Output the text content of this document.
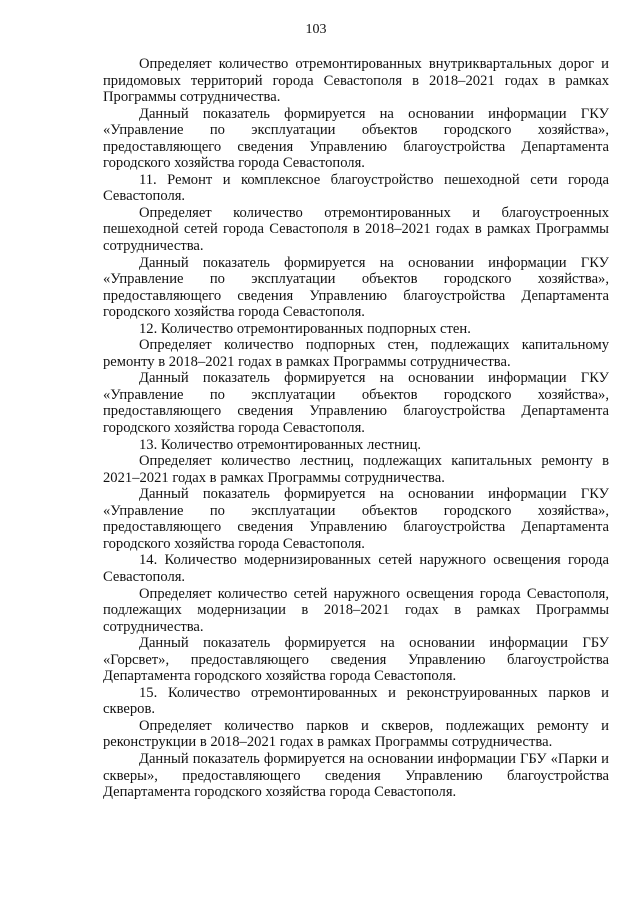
103

Определяет количество отремонтированных внутриквартальных дорог и придомовых территорий города Севастополя в 2018–2021 годах в рамках Программы сотрудничества.

Данный показатель формируется на основании информации ГКУ «Управление по эксплуатации объектов городского хозяйства», предоставляющего сведения Управлению благоустройства Департамента городского хозяйства города Севастополя.

11. Ремонт и комплексное благоустройство пешеходной сети города Севастополя.

Определяет количество отремонтированных и благоустроенных пешеходной сетей города Севастополя в 2018–2021 годах в рамках Программы сотрудничества.

Данный показатель формируется на основании информации ГКУ «Управление по эксплуатации объектов городского хозяйства», предоставляющего сведения Управлению благоустройства Департамента городского хозяйства города Севастополя.

12. Количество отремонтированных подпорных стен.

Определяет количество подпорных стен, подлежащих капитальному ремонту в 2018–2021 годах в рамках Программы сотрудничества.

Данный показатель формируется на основании информации ГКУ «Управление по эксплуатации объектов городского хозяйства», предоставляющего сведения Управлению благоустройства Департамента городского хозяйства города Севастополя.

13. Количество отремонтированных лестниц.

Определяет количество лестниц, подлежащих капитальных ремонту в 2021–2021 годах в рамках Программы сотрудничества.

Данный показатель формируется на основании информации ГКУ «Управление по эксплуатации объектов городского хозяйства», предоставляющего сведения Управлению благоустройства Департамента городского хозяйства города Севастополя.

14. Количество модернизированных сетей наружного освещения города Севастополя.

Определяет количество сетей наружного освещения города Севастополя, подлежащих модернизации в 2018–2021 годах в рамках Программы сотрудничества.

Данный показатель формируется на основании информации ГБУ «Горсвет», предоставляющего сведения Управлению благоустройства Департамента городского хозяйства города Севастополя.

15. Количество отремонтированных и реконструированных парков и скверов.

Определяет количество парков и скверов, подлежащих ремонту и реконструкции в 2018–2021 годах в рамках Программы сотрудничества.

Данный показатель формируется на основании информации ГБУ «Парки и скверы», предоставляющего сведения Управлению благоустройства Департамента городского хозяйства города Севастополя.
